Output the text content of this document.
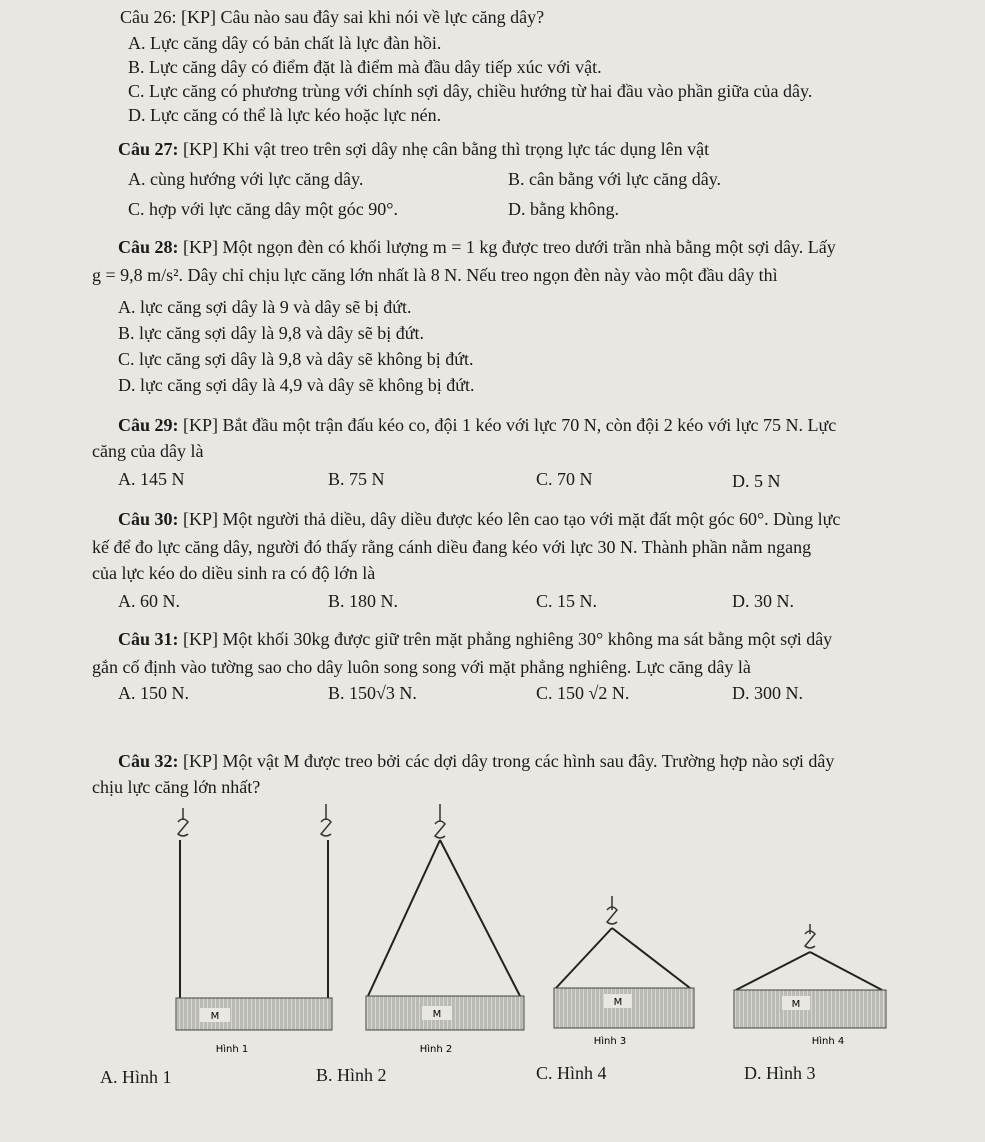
Câu 26: [KP] Câu nào sau đây sai khi nói về lực căng dây?
A. Lực căng dây có bản chất là lực đàn hồi.
B. Lực căng dây có điểm đặt là điểm mà đầu dây tiếp xúc với vật.
C. Lực căng có phương trùng với chính sợi dây, chiều hướng từ hai đầu vào phần giữa của dây.
D. Lực căng có thể là lực kéo hoặc lực nén.
Câu 27: [KP] Khi vật treo trên sợi dây nhẹ cân bằng thì trọng lực tác dụng lên vật
A. cùng hướng với lực căng dây.	B. cân bằng với lực căng dây.
C. hợp với lực căng dây một góc 90°.	D. bằng không.
Câu 28: [KP] Một ngọn đèn có khối lượng m = 1 kg được treo dưới trần nhà bằng một sợi dây. Lấy
g = 9,8 m/s². Dây chỉ chịu lực căng lớn nhất là 8 N. Nếu treo ngọn đèn này vào một đầu dây thì
A. lực căng sợi dây là 9 và dây sẽ bị đứt.
B. lực căng sợi dây là 9,8 và dây sẽ bị đứt.
C. lực căng sợi dây là 9,8 và dây sẽ không bị đứt.
D. lực căng sợi dây là 4,9 và dây sẽ không bị đứt.
Câu 29: [KP] Bắt đầu một trận đấu kéo co, đội 1 kéo với lực 70 N, còn đội 2 kéo với lực 75 N. Lực
căng của dây là
A. 145 N	B. 75 N	C. 70 N	D. 5 N
Câu 30: [KP] Một người thả diều, dây diều được kéo lên cao tạo với mặt đất một góc 60°. Dùng lực
kế để đo lực căng dây, người đó thấy rằng cánh diều đang kéo với lực 30 N. Thành phần nằm ngang
của lực kéo do diều sinh ra có độ lớn là
A. 60 N.	B. 180 N.	C. 15 N.	D. 30 N.
Câu 31: [KP] Một khối 30kg được giữ trên mặt phẳng nghiêng 30° không ma sát bằng một sợi dây
gắn cố định vào tường sao cho dây luôn song song với mặt phẳng nghiêng. Lực căng dây là
A. 150 N.	B. 150√3 N.	C. 150 √2 N.	D. 300 N.
Câu 32: [KP] Một vật M được treo bởi các dợi dây trong các hình sau đây. Trường hợp nào sợi dây
chịu lực căng lớn nhất?
M
Hình 1
M
Hình 2
M
Hình 3
M
Hình 4
A. Hình 1	B. Hình 2	C. Hình 4	D. Hình 3
